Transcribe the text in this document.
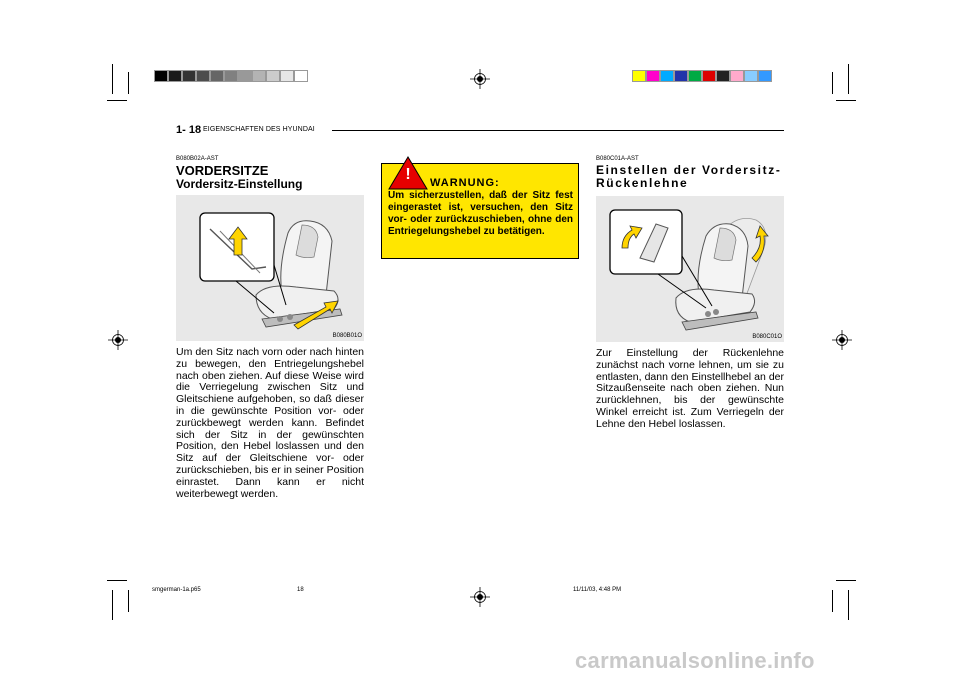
1- 18 EIGENSCHAFTEN DES HYUNDAI
B080B02A-AST
VORDERSITZE
Vordersitz-Einstellung
B080B01O
Um den Sitz nach vorn oder nach hinten zu bewegen, den Entriegelungshebel nach oben ziehen. Auf diese Weise wird die Verriegelung zwischen Sitz und Gleitschiene aufgehoben, so daß dieser in die gewünschte Position vor- oder zurückbewegt werden kann. Befindet sich der Sitz in der gewünschten Position, den Hebel loslassen und den Sitz auf der Gleitschiene vor- oder zurückschieben, bis er in seiner Position einrastet. Dann kann er nicht weiterbewegt werden.
Um sicherzustellen, daß der Sitz fest eingerastet ist, versuchen, den Sitz vor- oder zurückzuschieben, ohne den Entriegelungshebel zu betätigen.
! WARNUNG:
B080C01A-AST
Einstellen der Vordersitz-Rückenlehne
B080C01O
Zur Einstellung der Rückenlehne zunächst nach vorne lehnen, um sie zu entlasten, dann den Einstellhebel an der Sitzaußenseite nach oben ziehen. Nun zurücklehnen, bis der gewünschte Winkel erreicht ist. Zum Verriegeln der Lehne den Hebel loslassen.
smgerman-1a.p65	18	11/11/03, 4:48 PM
carmanualsonline.info
